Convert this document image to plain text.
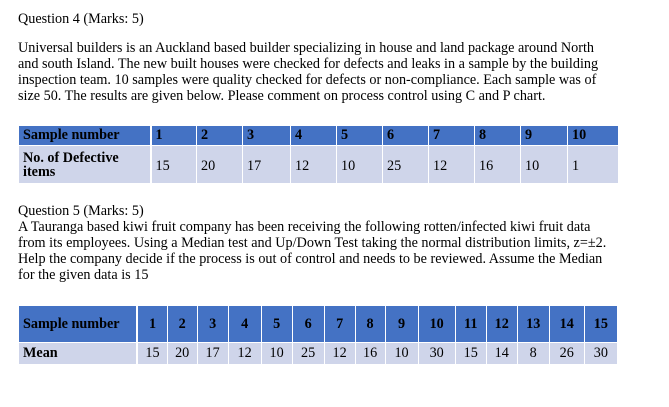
Question 4 (Marks: 5)
Universal builders is an Auckland based builder specializing in house and land package around North
and south Island. The new built houses were checked for defects and leaks in a sample by the building
inspection team. 10 samples were quality checked for defects or non-compliance. Each sample was of
size 50. The results are given below. Please comment on process control using C and P chart.
Sample number	1	2	3	4	5	6	7	8	9	10
No. of Defective items	15	20	17	12	10	25	12	16	10	1
Question 5 (Marks: 5)
A Tauranga based kiwi fruit company has been receiving the following rotten/infected kiwi fruit data
from its employees. Using a Median test and Up/Down Test taking the normal distribution limits, z=±2.
Help the company decide if the process is out of control and needs to be reviewed. Assume the Median
for the given data is 15
Sample number	1	2	3	4	5	6	7	8	9	10	11	12	13	14	15
Mean	15	20	17	12	10	25	12	16	10	30	15	14	8	26	30
